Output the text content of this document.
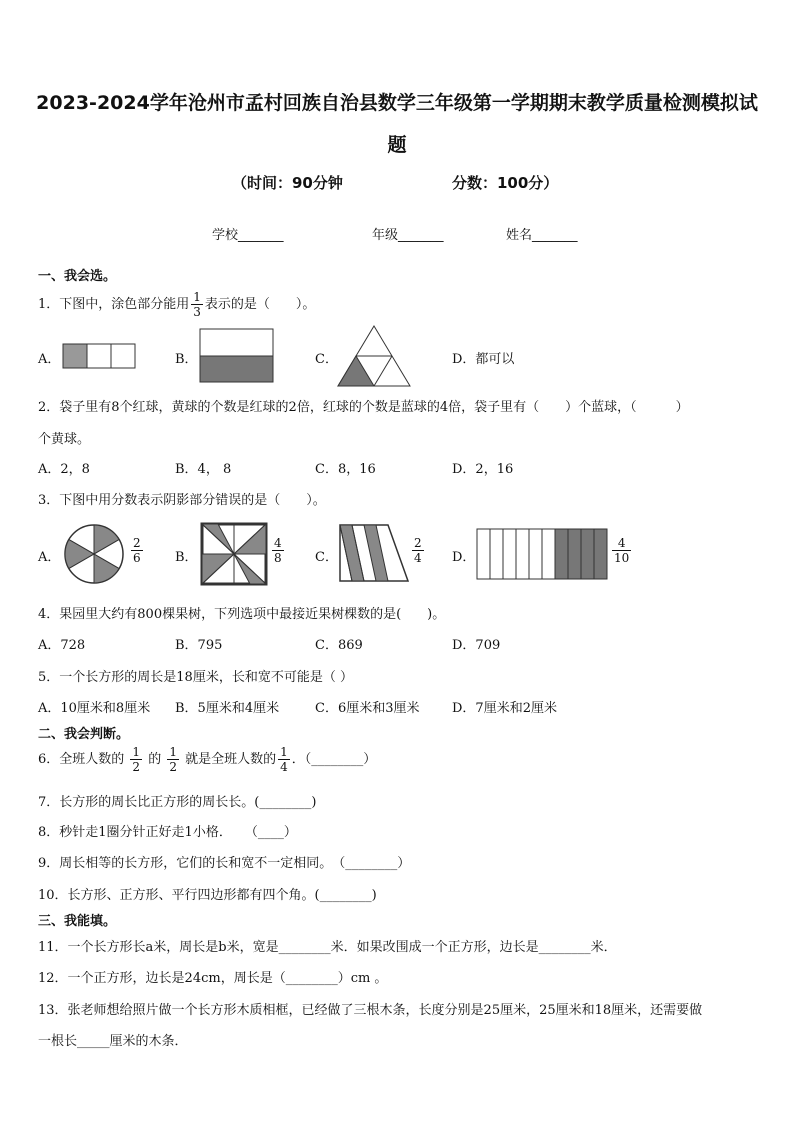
2023-2024学年沧州市孟村回族自治县数学三年级第一学期期末教学质量检测模拟试
题
（时间：90分钟	分数：100分）
学校_______	年级_______	姓名_______
一、我会选。
1．下图中，涂色部分能用 $\frac{1}{3}$ 表示的是（　　）。
A．	B．	C．	D．都可以
2．袋子里有8个红球，黄球的个数是红球的2倍，红球的个数是蓝球的4倍，袋子里有（　　）个蓝球，（　　　）
个黄球。
A．2，8	B．4， 8	C．8，16	D．2，16
3．下图中用分数表示阴影部分错误的是（　　）。
A．	$\frac{2}{6}$ B．	$\frac{4}{8}$ C．	$\frac{2}{4}$ D．	$\frac{4}{10}$
4．果园里大约有800棵果树，下列选项中最接近果树棵数的是(　　)。
A．728	B．795	C．869	D．709
5．一个长方形的周长是18厘米，长和宽不可能是（ ）
A．10厘米和8厘米 B．5厘米和4厘米	C．6厘米和3厘米	D．7厘米和2厘米
二、我会判断。
6．全班人数的 $\frac{1}{2}$ 的 $\frac{1}{2}$ 就是全班人数的 $\frac{1}{4}$ ．（________）
7．长方形的周长比正方形的周长长。(________)
8．秒针走1圈分针正好走1小格．　　（____）
9．周长相等的长方形，它们的长和宽不一定相同。　（________）
10．长方形、正方形、平行四边形都有四个角。(________)
三、我能填。
11．一个长方形长a米，周长是b米，宽是________米．如果改围成一个正方形，边长是________米．
12．一个正方形，边长是24cm，周长是（________）cm 。
13．张老师想给照片做一个长方形木质相框，已经做了三根木条，长度分别是25厘米，25厘米和18厘米，还需要做
一根长_____厘米的木条．
